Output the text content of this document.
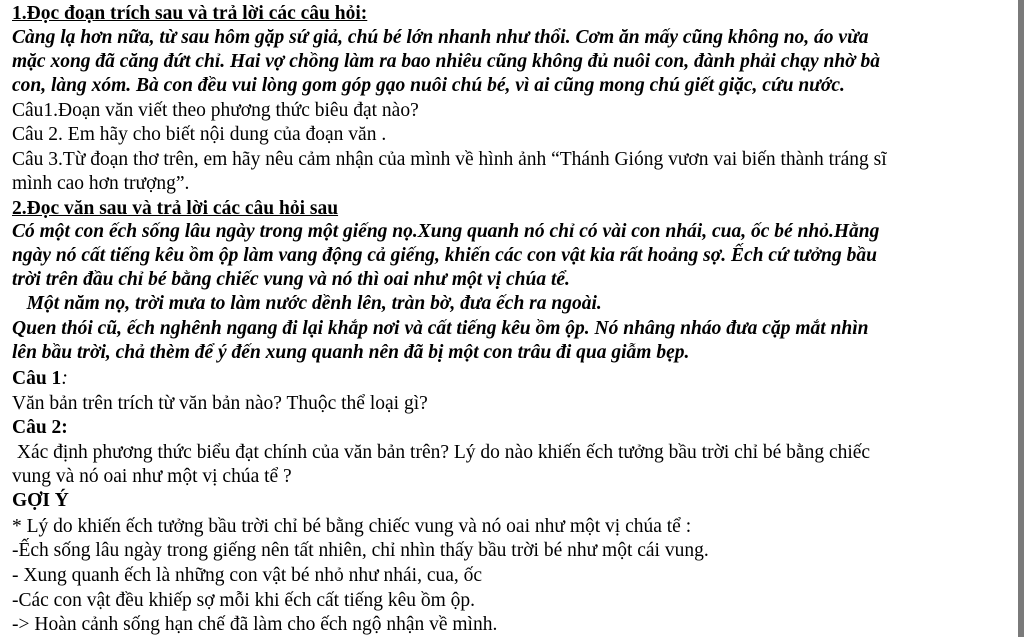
1.Đọc đoạn trích sau và trả lời các câu hỏi:
Càng lạ hơn nữa, từ sau hôm gặp sứ giả, chú bé lớn nhanh như thổi. Cơm ăn mấy cũng không no, áo vừa
mặc xong đã căng đứt chỉ. Hai vợ chồng làm ra bao nhiêu cũng không đủ nuôi con, đành phải chạy nhờ bà
con, làng xóm. Bà con đều vui lòng gom góp gạo nuôi chú bé, vì ai cũng mong chú giết giặc, cứu nước.
Câu1.Đoạn văn viết theo phương thức biêu đạt nào?
Câu 2. Em hãy cho biết nội dung của đoạn văn .
Câu 3.Từ đoạn thơ trên, em hãy nêu cảm nhận của mình về hình ảnh “Thánh Gióng vươn vai biến thành tráng sĩ
mình cao hơn trượng”.
2.Đọc văn sau và trả lời các câu hỏi sau
Có một con ếch sống lâu ngày trong một giếng nọ.Xung quanh nó chỉ có vài con nhái, cua, ốc bé nhỏ.Hằng
ngày nó cất tiếng kêu ồm ộp làm vang động cả giếng, khiến các con vật kia rất hoảng sợ. Ếch cứ tưởng bầu
trời trên đầu chỉ bé bằng chiếc vung và nó thì oai như một vị chúa tể.
Một năm nọ, trời mưa to làm nước dềnh lên, tràn bờ, đưa ếch ra ngoài.
Quen thói cũ, ếch nghênh ngang đi lại khắp nơi và cất tiếng kêu ồm ộp. Nó nhâng nháo đưa cặp mắt nhìn
lên bầu trời, chả thèm để ý đến xung quanh nên đã bị một con trâu đi qua giẫm bẹp.
Câu 1:
Văn bản trên trích từ văn bản nào? Thuộc thể loại gì?
Câu 2:
Xác định phương thức biểu đạt chính của văn bản trên? Lý do nào khiến ếch tưởng bầu trời chỉ bé bằng chiếc
vung và nó oai như một vị chúa tể ?
GỢI Ý
* Lý do khiến ếch tưởng bầu trời chỉ bé bằng chiếc vung và nó oai như một vị chúa tể :
-Ếch sống lâu ngày trong giếng nên tất nhiên, chỉ nhìn thấy bầu trời bé như một cái vung.
- Xung quanh ếch là những con vật bé nhỏ như nhái, cua, ốc
-Các con vật đều khiếp sợ mỗi khi ếch cất tiếng kêu ồm ộp.
-> Hoàn cảnh sống hạn chế đã làm cho ếch ngộ nhận về mình.
